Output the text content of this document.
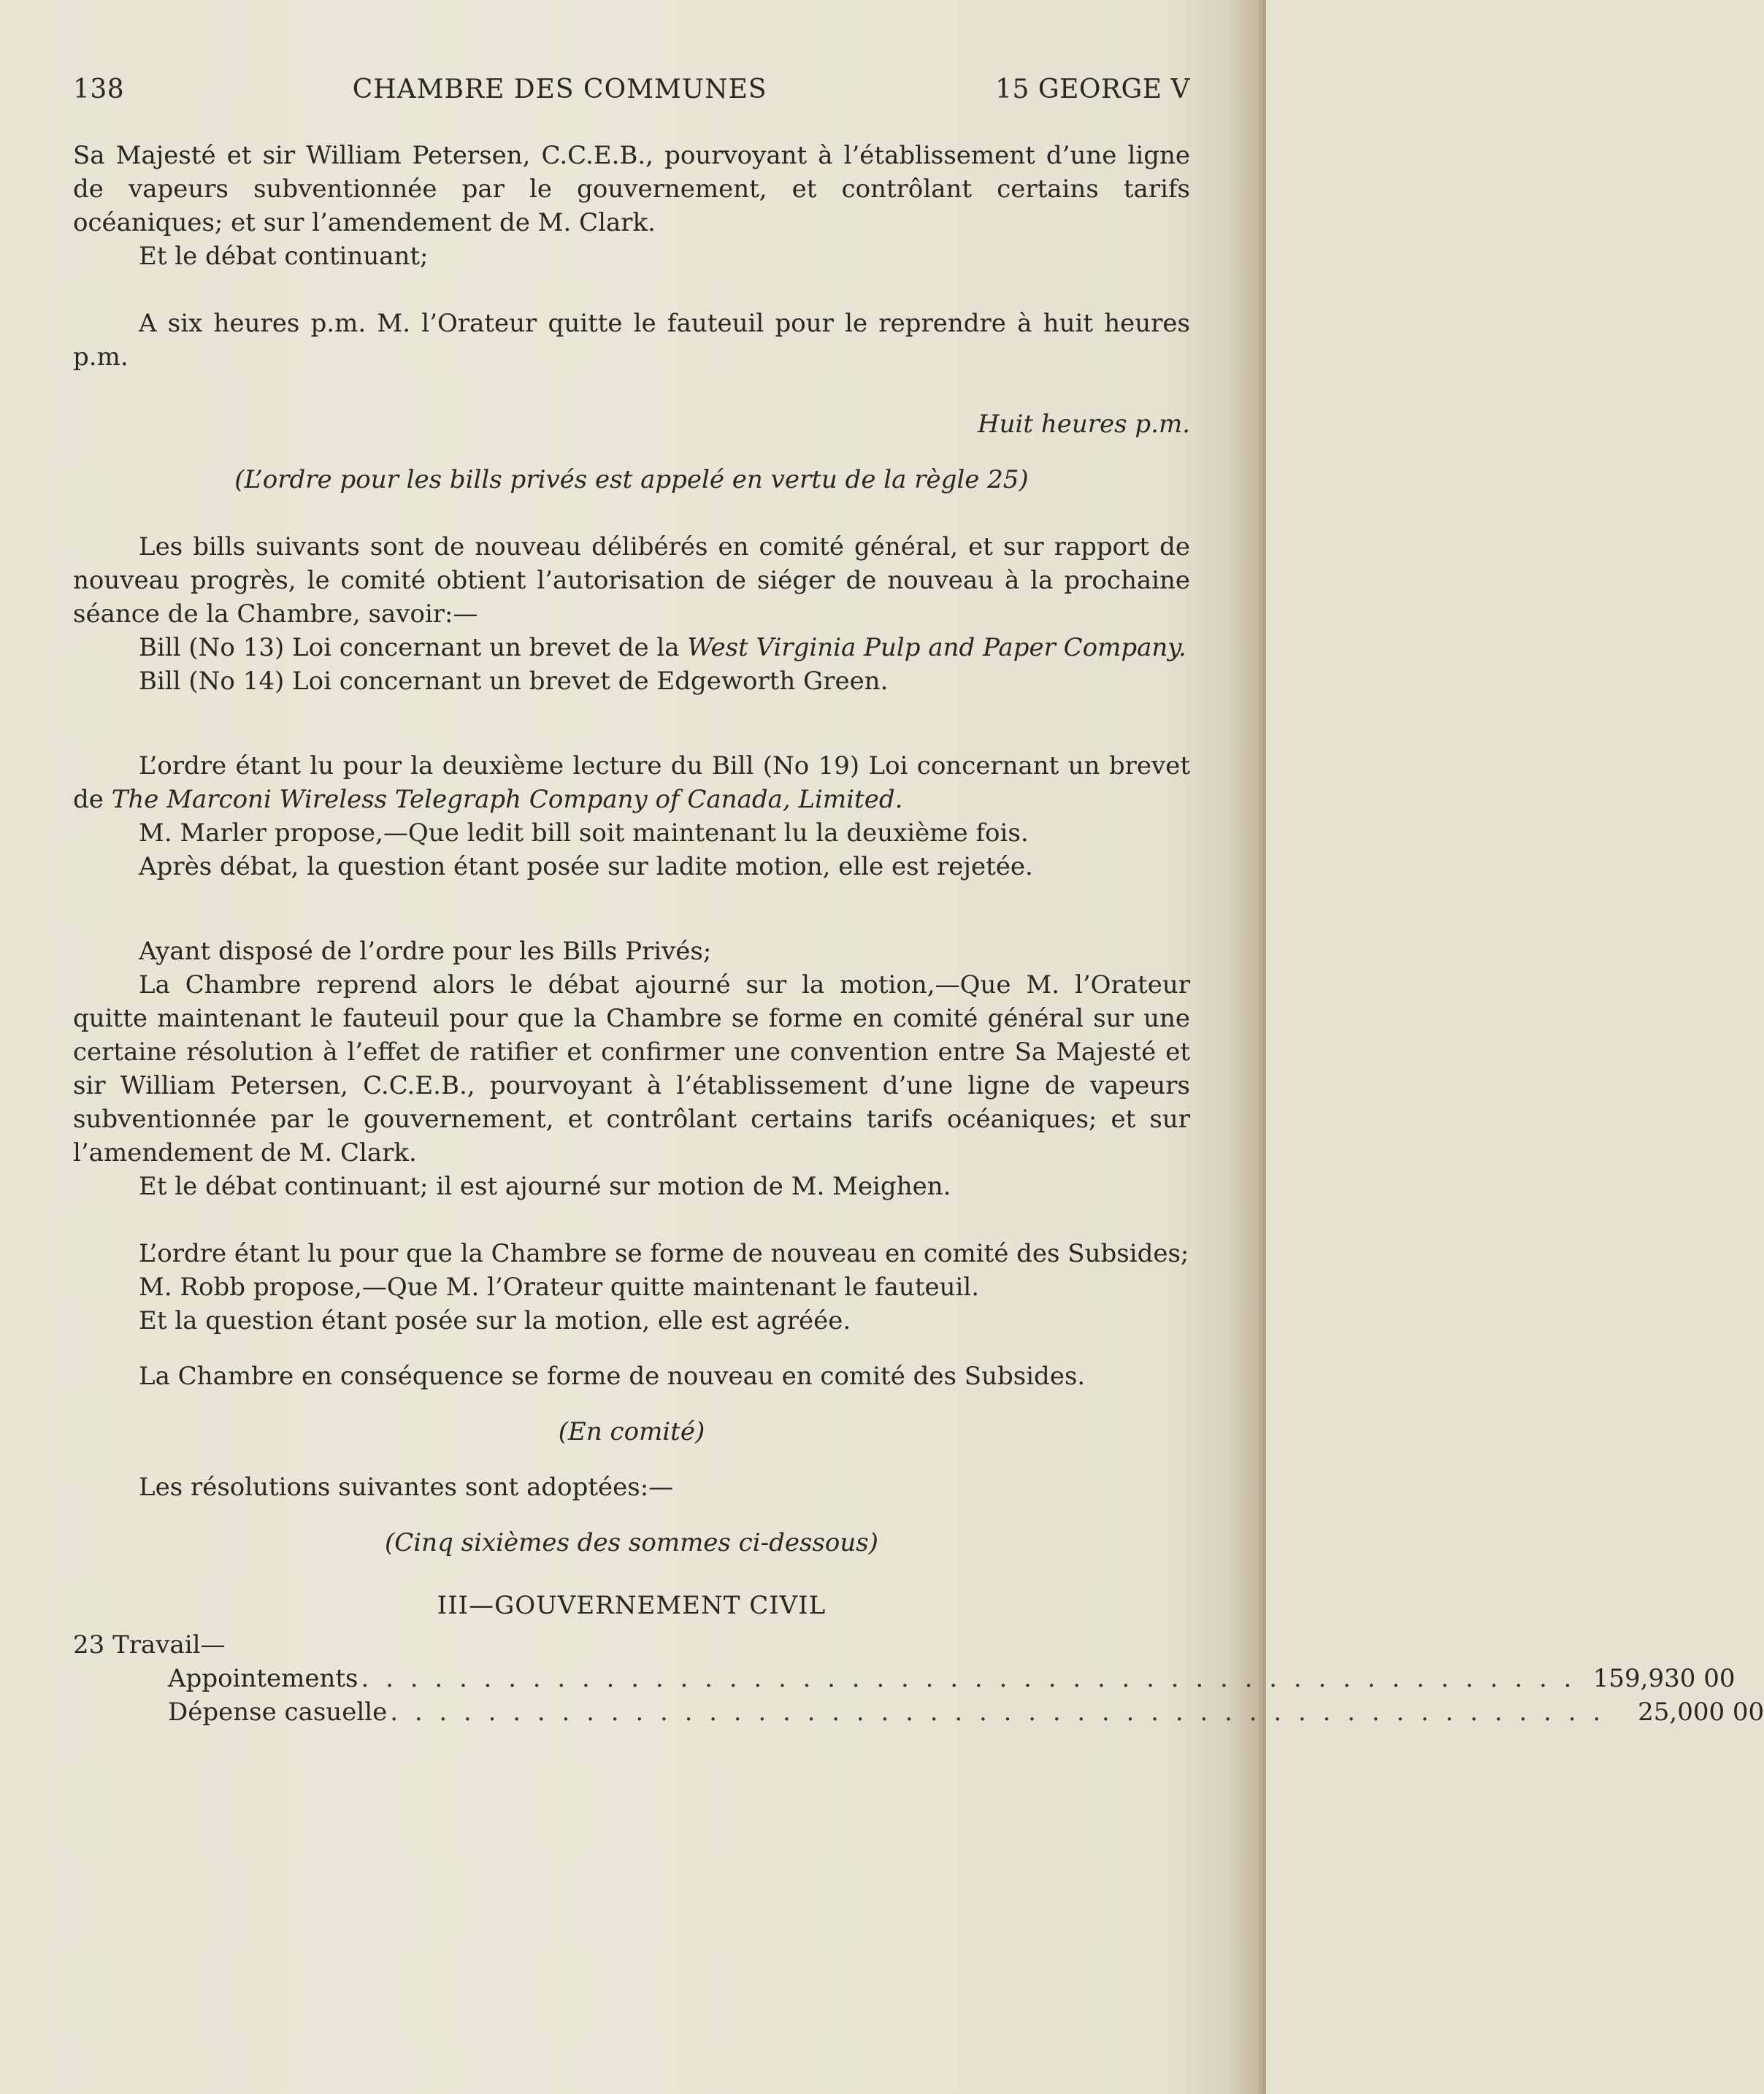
138	CHAMBRE DES COMMUNES	15 GEORGE V

Sa Majesté et sir William Petersen, C.C.E.B., pourvoyant à l’établissement d’une ligne de vapeurs subventionnée par le gouvernement, et contrôlant certains tarifs océaniques; et sur l’amendement de M. Clark.

Et le débat continuant;

A six heures p.m. M. l’Orateur quitte le fauteuil pour le reprendre à huit heures p.m.

Huit heures p.m.

(L’ordre pour les bills privés est appelé en vertu de la règle 25)

Les bills suivants sont de nouveau délibérés en comité général, et sur rapport de nouveau progrès, le comité obtient l’autorisation de siéger de nouveau à la prochaine séance de la Chambre, savoir:—

Bill (No 13) Loi concernant un brevet de la West Virginia Pulp and Paper Company.

Bill (No 14) Loi concernant un brevet de Edgeworth Green.

L’ordre étant lu pour la deuxième lecture du Bill (No 19) Loi concernant un brevet de The Marconi Wireless Telegraph Company of Canada, Limited.

M. Marler propose,—Que ledit bill soit maintenant lu la deuxième fois.

Après débat, la question étant posée sur ladite motion, elle est rejetée.

Ayant disposé de l’ordre pour les Bills Privés;

La Chambre reprend alors le débat ajourné sur la motion,—Que M. l’Orateur quitte maintenant le fauteuil pour que la Chambre se forme en comité général sur une certaine résolution à l’effet de ratifier et confirmer une convention entre Sa Majesté et sir William Petersen, C.C.E.B., pourvoyant à l’établissement d’une ligne de vapeurs subventionnée par le gouvernement, et contrôlant certains tarifs océaniques; et sur l’amendement de M. Clark.

Et le débat continuant; il est ajourné sur motion de M. Meighen.

L’ordre étant lu pour que la Chambre se forme de nouveau en comité des Subsides;

M. Robb propose,—Que M. l’Orateur quitte maintenant le fauteuil.

Et la question étant posée sur la motion, elle est agréée.

La Chambre en conséquence se forme de nouveau en comité des Subsides.

(En comité)

Les résolutions suivantes sont adoptées:—

(Cinq sixièmes des sommes ci-dessous)

III—GOUVERNEMENT CIVIL
23 Travail—
Appointements . . . . . . . . . . . . . . . . . . . . . . . . . . . . . . . . . . . . . . . . . . . . . . . . . . 159,930 00
Dépense casuelle . . . . . . . . . . . . . . . . . . . . . . . . . . . . . . . . . . . . . . . . . . . . . . . . . .	25,000 00
